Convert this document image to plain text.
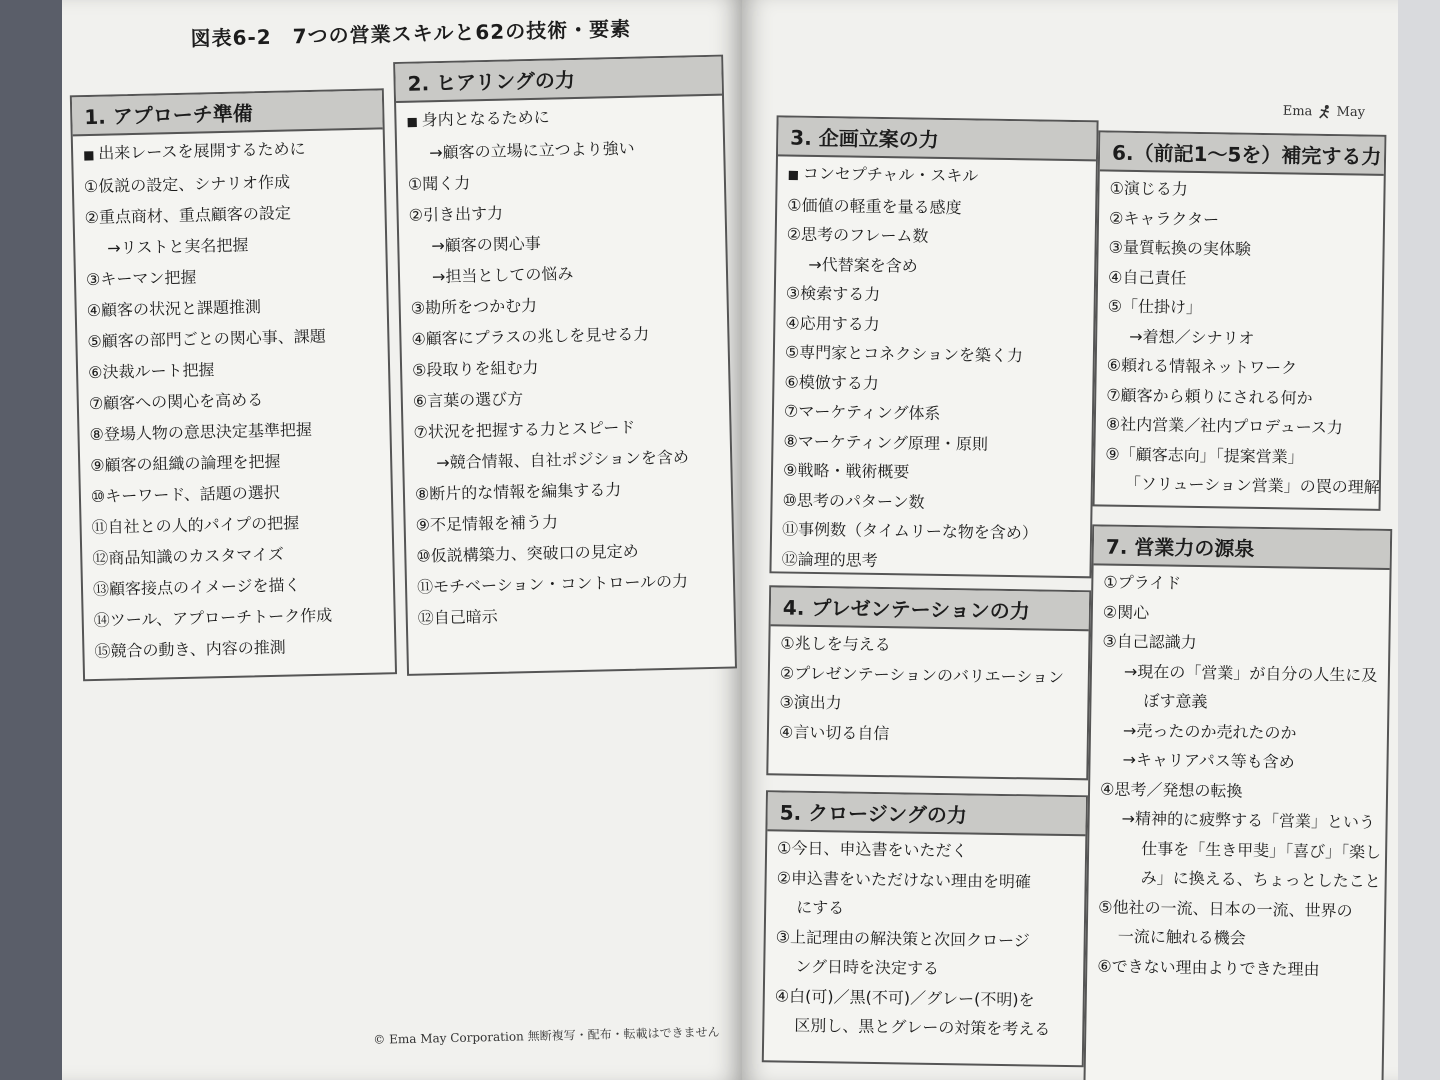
図表6-2　7つの営業スキルと62の技術・要素
1. アプローチ準備
■ 出来レースを展開するために
①仮説の設定、シナリオ作成
②重点商材、重点顧客の設定
→リストと実名把握
③キーマン把握
④顧客の状況と課題推測
⑤顧客の部門ごとの関心事、課題
⑥決裁ルート把握
⑦顧客への関心を高める
⑧登場人物の意思決定基準把握
⑨顧客の組織の論理を把握
⑩キーワード、話題の選択
⑪自社との人的パイプの把握
⑫商品知識のカスタマイズ
⑬顧客接点のイメージを描く
⑭ツール、アプローチトーク作成
⑮競合の動き、内容の推測
2. ヒアリングの力
■ 身内となるために
→顧客の立場に立つより強い
①聞く力
②引き出す力
→顧客の関心事
→担当としての悩み
③勘所をつかむ力
④顧客にプラスの兆しを見せる力
⑤段取りを組む力
⑥言葉の選び方
⑦状況を把握する力とスピード
→競合情報、自社ポジションを含め
⑧断片的な情報を編集する力
⑨不足情報を補う力
⑩仮説構築力、突破口の見定め
⑪モチベーション・コントロールの力
⑫自己暗示
© Ema May Corporation 無断複写・配布・転載はできません
Ema May
3. 企画立案の力
■ コンセプチャル・スキル
①価値の軽重を量る感度
②思考のフレーム数
→代替案を含め
③検索する力
④応用する力
⑤専門家とコネクションを築く力
⑥模倣する力
⑦マーケティング体系
⑧マーケティング原理・原則
⑨戦略・戦術概要
⑩思考のパターン数
⑪事例数（タイムリーな物を含め）
⑫論理的思考
4. プレゼンテーションの力
①兆しを与える
②プレゼンテーションのバリエーション
③演出力
④言い切る自信
5. クロージングの力
①今日、申込書をいただく
②申込書をいただけない理由を明確
にする
③上記理由の解決策と次回クロージ
ング日時を決定する
④白(可)／黒(不可)／グレー(不明)を
区別し、黒とグレーの対策を考える
6.（前記1～5を）補完する力
①演じる力
②キャラクター
③量質転換の実体験
④自己責任
⑤「仕掛け」
→着想／シナリオ
⑥頼れる情報ネットワーク
⑦顧客から頼りにされる何か
⑧社内営業／社内プロデュース力
⑨「顧客志向」「提案営業」
「ソリューション営業」の罠の理解
7. 営業力の源泉
①プライド
②関心
③自己認識力
→現在の「営業」が自分の人生に及
ぼす意義
→売ったのか売れたのか
→キャリアパス等も含め
④思考／発想の転換
→精神的に疲弊する「営業」という
仕事を「生き甲斐」「喜び」「楽し
み」に換える、ちょっとしたこと
⑤他社の一流、日本の一流、世界の
一流に触れる機会
⑥できない理由よりできた理由
